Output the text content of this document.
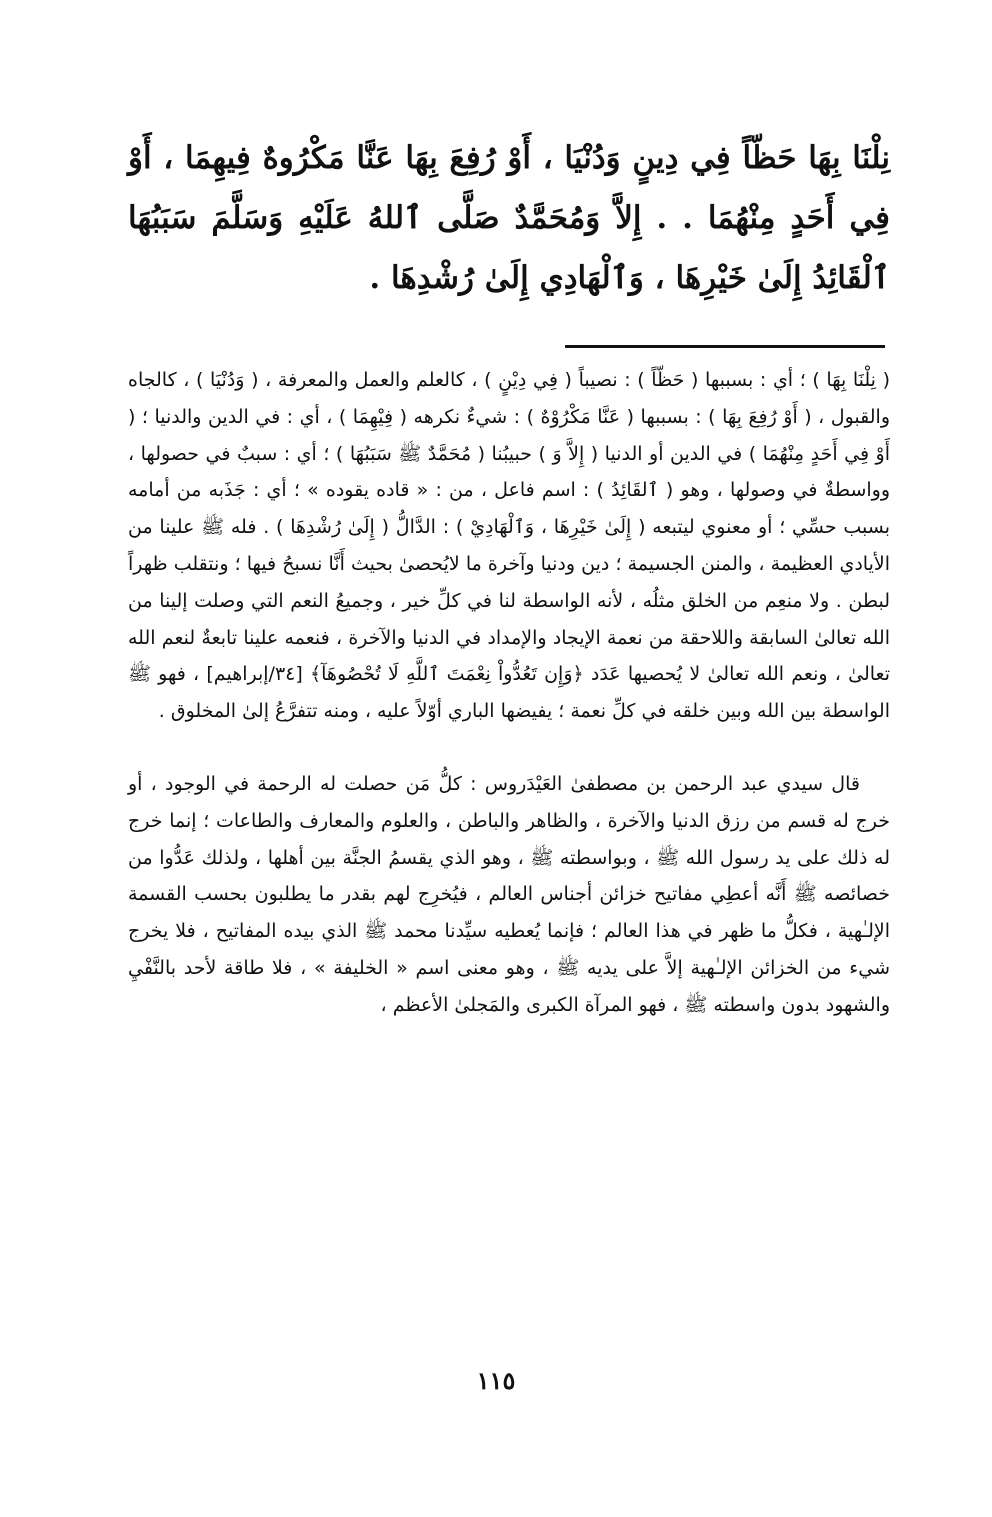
نِلْنَا بِهَا حَظّاً فِي دِينٍ وَدُنْيَا ، أَوْ رُفِعَ بِهَا عَنَّا مَكْرُوهٌ فِيهِمَا ، أَوْ فِي أَحَدٍ مِنْهُمَا . . إِلاَّ وَمُحَمَّدٌ صَلَّى ٱللهُ عَلَيْهِ وَسَلَّمَ سَبَبُهَا ٱلْقَائِدُ إِلَىٰ خَيْرِهَا ، وَٱلْهَادِي إِلَىٰ رُشْدِهَا .

( نِلْنَا بِهَا ) ؛ أي : بسببها ( حَظّاً ) : نصيباً ( فِي دِيْنٍ ) ، كالعلم والعمل والمعرفة ، ( وَدُنْيَا ) ، كالجاه والقبول ، ( أَوْ رُفِعَ بِهَا ) : بسببها ( عَنَّا مَكْرُوْهٌ ) : شيءٌ نكرهه ( فِيْهِمَا ) ، أي : في الدين والدنيا ؛ ( أَوْ فِي أَحَدٍ مِنْهُمَا ) في الدين أو الدنيا ( إِلاَّ وَ ) حبيبُنا ( مُحَمَّدٌ ﷺ سَبَبُهَا ) ؛ أي : سببٌ في حصولها ، وواسطةٌ في وصولها ، وهو ( ٱلقَائِدُ ) : اسم فاعل ، من : « قاده يقوده » ؛ أي : جَذَبه من أمامه بسبب حسِّي ؛ أو معنوي ليتبعه ( إِلَىٰ خَيْرِهَا ، وَٱلْهَادِيْ ) : الدَّالُّ ( إِلَىٰ رُشْدِهَا ) . فله ﷺ علينا من الأيادي العظيمة ، والمنن الجسيمة ؛ دين ودنيا وآخرة ما لايُحصىٰ بحيث أَنَّا نسبحُ فيها ؛ ونتقلب ظهراً لبطن . ولا منعِم من الخلق مثلُه ، لأنه الواسطة لنا في كلِّ خير ، وجميعُ النعم التي وصلت إلينا من الله تعالىٰ السابقة واللاحقة من نعمة الإيجاد والإمداد في الدنيا والآخرة ، فنعمه علينا تابعةٌ لنعم الله تعالىٰ ، ونعم الله تعالىٰ لا يُحصيها عَدَد ﴿وَإِن تَعُدُّواْ نِعْمَتَ ٱللَّهِ لَا تُحْصُوهَآ﴾ [٣٤/إبراهيم] ، فهو ﷺ الواسطة بين الله وبين خلقه في كلِّ نعمة ؛ يفيضها الباري أوّلاً عليه ، ومنه تتفرَّعُ إلىٰ المخلوق .

قال سيدي عبد الرحمن بن مصطفىٰ العَيْدَروس : كلُّ مَن حصلت له الرحمة في الوجود ، أو خرج له قسم من رزق الدنيا والآخرة ، والظاهر والباطن ، والعلوم والمعارف والطاعات ؛ إنما خرج له ذلك على يد رسول الله ﷺ ، وبواسطته ﷺ ، وهو الذي يقسمُ الجنَّة بين أهلها ، ولذلك عَدُّوا من خصائصه ﷺ أَنَّه أعطِي مفاتيح خزائن أجناس العالم ، فيُخرِج لهم بقدر ما يطلبون بحسب القسمة الإلـٰهية ، فكلُّ ما ظهر في هذا العالم ؛ فإنما يُعطيه سيِّدنا محمد ﷺ الذي بيده المفاتيح ، فلا يخرج شيء من الخزائن الإلـٰهية إلاَّ على يديه ﷺ ، وهو معنى اسم « الخليفة » ، فلا طاقة لأحد بالنَّفْيِ والشهود بدون واسطته ﷺ ، فهو المرآة الكبرى والمَجلىٰ الأعظم ،

١١٥
